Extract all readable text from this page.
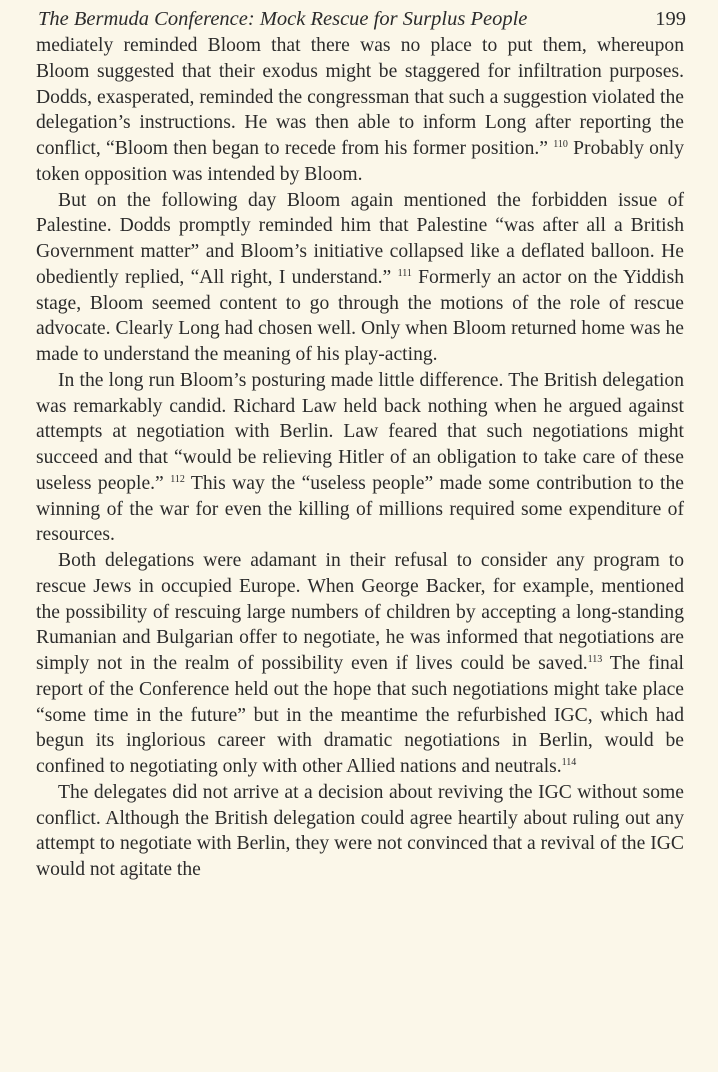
The Bermuda Conference: Mock Rescue for Surplus People	199

mediately reminded Bloom that there was no place to put them, whereupon Bloom suggested that their exodus might be staggered for infiltration purposes. Dodds, exasperated, reminded the congressman that such a suggestion violated the delegation’s instructions. He was then able to inform Long after reporting the conflict, “Bloom then began to recede from his former position.” $^{110}$ Probably only token opposition was intended by Bloom.

But on the following day Bloom again mentioned the forbidden issue of Palestine. Dodds promptly reminded him that Palestine “was after all a British Government matter” and Bloom’s initiative collapsed like a deflated balloon. He obediently replied, “All right, I understand.” $^{111}$ Formerly an actor on the Yiddish stage, Bloom seemed content to go through the motions of the role of rescue advocate. Clearly Long had chosen well. Only when Bloom returned home was he made to understand the meaning of his play-acting.

In the long run Bloom’s posturing made little difference. The British delegation was remarkably candid. Richard Law held back nothing when he argued against attempts at negotiation with Berlin. Law feared that such negotiations might succeed and that “would be relieving Hitler of an obligation to take care of these useless people.” $^{112}$ This way the “useless people” made some contribution to the winning of the war for even the killing of millions required some expenditure of resources.

Both delegations were adamant in their refusal to consider any program to rescue Jews in occupied Europe. When George Backer, for example, mentioned the possibility of rescuing large numbers of children by accepting a long-standing Rumanian and Bulgarian offer to negotiate, he was informed that negotiations are simply not in the realm of possibility even if lives could be saved.$^{113}$ The final report of the Conference held out the hope that such negotiations might take place “some time in the future” but in the meantime the refurbished IGC, which had begun its inglorious career with dramatic negotiations in Berlin, would be confined to negotiating only with other Allied nations and neutrals.$^{114}$

The delegates did not arrive at a decision about reviving the IGC without some conflict. Although the British delegation could agree heartily about ruling out any attempt to negotiate with Berlin, they were not convinced that a revival of the IGC would not agitate the
